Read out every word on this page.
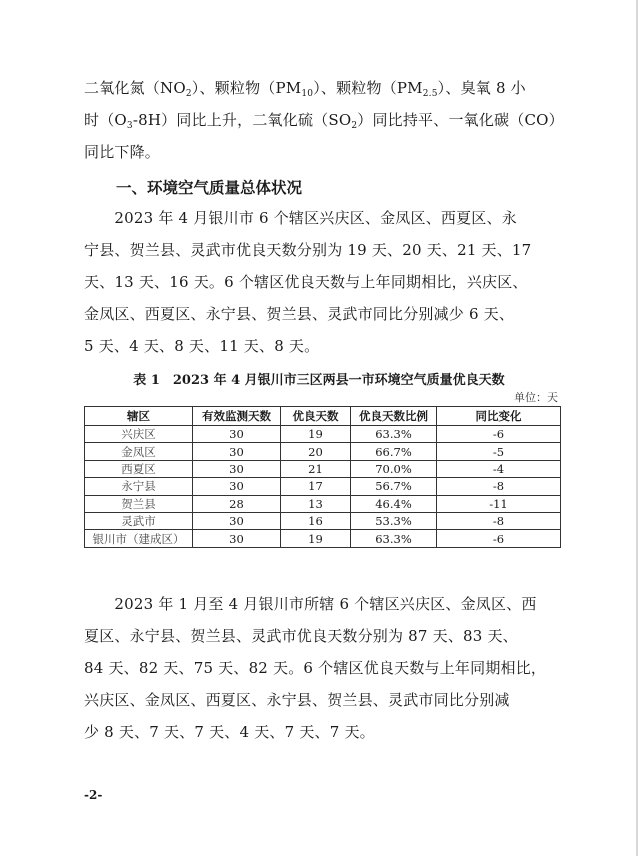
二氧化氮$(NO_2)$、颗粒物$(PM_{10})$、颗粒物$(PM_{2.5})$、臭氧 8 小
时$(O_3-8H)$同比上升，二氧化硫$(SO_2)$同比持平、一氧化碳（CO）
同比下降。
一、环境空气质量总体状况
　　2023 年 4 月银川市 6 个辖区兴庆区、金凤区、西夏区、永
宁县、贺兰县、灵武市优良天数分别为 19 天、20 天、21 天、17
天、13 天、16 天。6 个辖区优良天数与上年同期相比，兴庆区、
金凤区、西夏区、永宁县、贺兰县、灵武市同比分别减少 6 天、
5 天、4 天、8 天、11 天、8 天。
表 1　2023 年 4 月银川市三区两县一市环境空气质量优良天数
单位：天
辖区	有效监测天数	优良天数	优良天数比例	同比变化
兴庆区	30	19	63.3%	-6
金凤区	30	20	66.7%	-5
西夏区	30	21	70.0%	-4
永宁县	30	17	56.7%	-8
贺兰县	28	13	46.4%	-11
灵武市	30	16	53.3%	-8
银川市（建成区）	30	19	63.3%	-6
　　2023 年 1 月至 4 月银川市所辖 6 个辖区兴庆区、金凤区、西
夏区、永宁县、贺兰县、灵武市优良天数分别为 87 天、83 天、
84 天、82 天、75 天、82 天。6 个辖区优良天数与上年同期相比，
兴庆区、金凤区、西夏区、永宁县、贺兰县、灵武市同比分别减
少 8 天、7 天、7 天、4 天、7 天、7 天。
-2-
